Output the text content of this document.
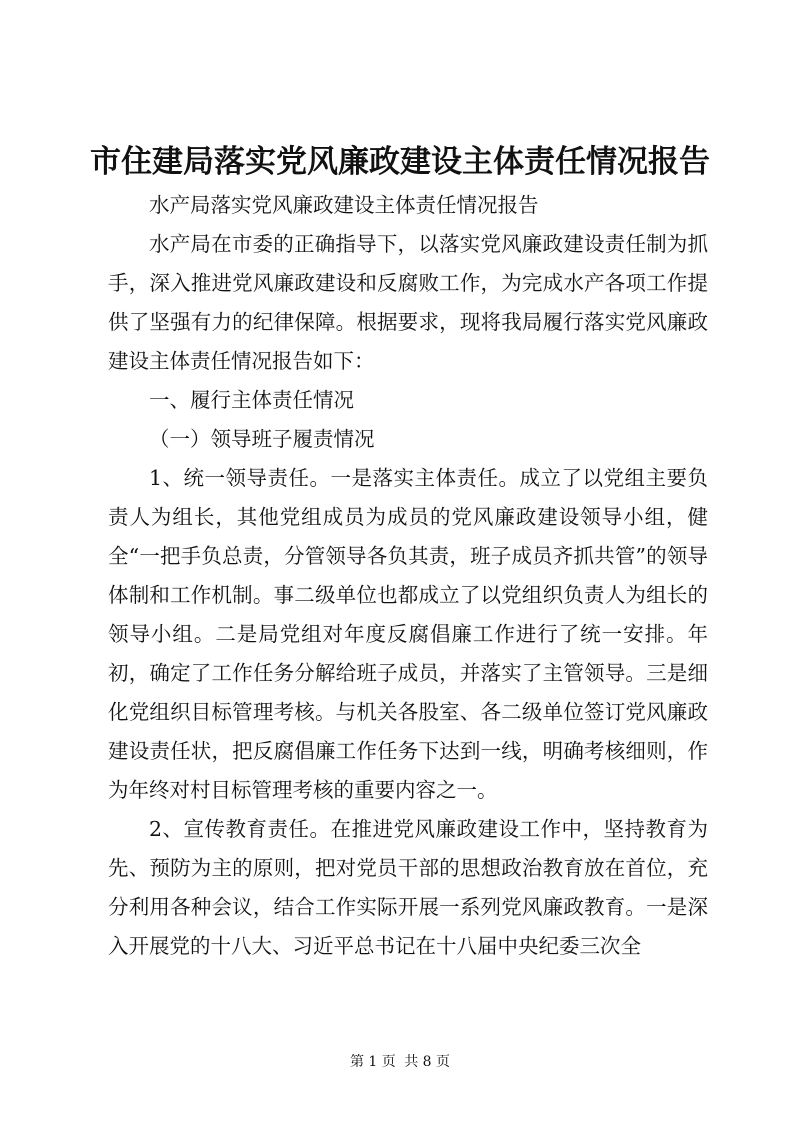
市住建局落实党风廉政建设主体责任情况报告

水产局落实党风廉政建设主体责任情况报告

水产局在市委的正确指导下，以落实党风廉政建设责任制为抓手，深入推进党风廉政建设和反腐败工作，为完成水产各项工作提供了坚强有力的纪律保障。根据要求，现将我局履行落实党风廉政建设主体责任情况报告如下：

一、履行主体责任情况

（一）领导班子履责情况

1、统一领导责任。一是落实主体责任。成立了以党组主要负责人为组长，其他党组成员为成员的党风廉政建设领导小组，健全“一把手负总责，分管领导各负其责，班子成员齐抓共管”的领导体制和工作机制。事二级单位也都成立了以党组织负责人为组长的领导小组。二是局党组对年度反腐倡廉工作进行了统一安排。年初，确定了工作任务分解给班子成员，并落实了主管领导。三是细化党组织目标管理考核。与机关各股室、各二级单位签订党风廉政建设责任状，把反腐倡廉工作任务下达到一线，明确考核细则，作为年终对村目标管理考核的重要内容之一。

2、宣传教育责任。在推进党风廉政建设工作中，坚持教育为先、预防为主的原则，把对党员干部的思想政治教育放在首位，充分利用各种会议，结合工作实际开展一系列党风廉政教育。一是深入开展党的十八大、习近平总书记在十八届中央纪委三次全

第 1 页 共 8 页
